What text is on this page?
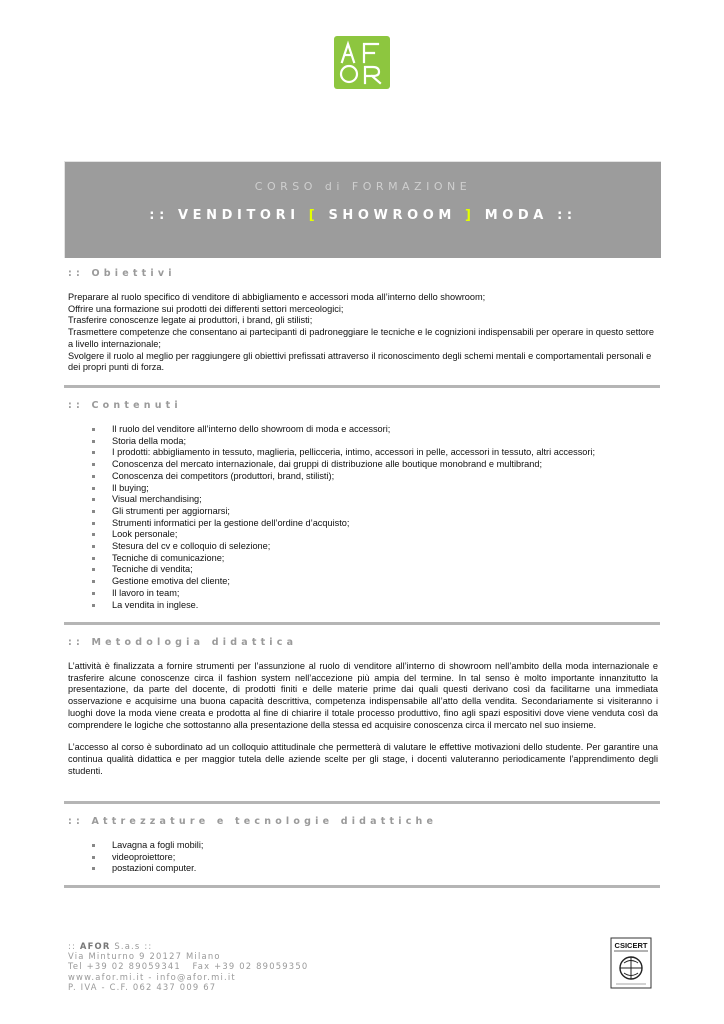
CORSO di FORMAZIONE
:: VENDITORI [ SHOWROOM ] MODA ::
:: Obiettivi

Preparare al ruolo specifico di venditore di abbigliamento e accessori moda all’interno dello showroom;
Offrire una formazione sui prodotti dei differenti settori merceologici;
Trasferire conoscenze legate ai produttori, i brand, gli stilisti;
Trasmettere competenze che consentano ai partecipanti di padroneggiare le tecniche e le cognizioni indispensabili per operare in questo settore a livello internazionale;
Svolgere il ruolo al meglio per raggiungere gli obiettivi prefissati attraverso il riconoscimento degli schemi mentali e comportamentali personali e dei propri punti di forza.

:: Contenuti
Il ruolo del venditore all’interno dello showroom di moda e accessori;
Storia della moda;
I prodotti: abbigliamento in tessuto, maglieria, pellicceria, intimo, accessori in pelle, accessori in tessuto, altri accessori;
Conoscenza del mercato internazionale, dai gruppi di distribuzione alle boutique monobrand e multibrand;
Conoscenza dei competitors (produttori, brand, stilisti);
Il buying;
Visual merchandising;
Gli strumenti per aggiornarsi;
Strumenti informatici per la gestione dell’ordine d’acquisto;
Look personale;
Stesura del cv e colloquio di selezione;
Tecniche di comunicazione;
Tecniche di vendita;
Gestione emotiva del cliente;
Il lavoro in team;
La vendita in inglese.
:: Metodologia didattica

L’attività è finalizzata a fornire strumenti per l’assunzione al ruolo di venditore all’interno di showroom nell’ambito della moda internazionale e trasferire alcune conoscenze circa il fashion system nell’accezione più ampia del termine. In tal senso è molto importante innanzitutto la presentazione, da parte del docente, di prodotti finiti e delle materie prime dai quali questi derivano così da facilitarne una immediata osservazione e acquisirne una buona capacità descrittiva, competenza indispensabile all’atto della vendita. Secondariamente si visiteranno i luoghi dove la moda viene creata e prodotta al fine di chiarire il totale processo produttivo, fino agli spazi espositivi dove viene venduta così da comprendere le logiche che sottostanno alla presentazione della stessa ed acquisire conoscenza circa il mercato nel suo insieme.

L’accesso al corso è subordinato ad un colloquio attitudinale che permetterà di valutare le effettive motivazioni dello studente. Per garantire una continua qualità didattica e per maggior tutela delle aziende scelte per gli stage, i docenti valuteranno periodicamente l’apprendimento degli studenti.

:: Attrezzature e tecnologie didattiche
Lavagna a fogli mobili;
videoproiettore;
postazioni computer.
:: AFOR S.a.s ::
Via Minturno 9 20127 Milano
Tel +39 02 89059341   Fax +39 02 89059350
www.afor.mi.it - info@afor.mi.it
P. IVA - C.F. 062 437 009 67
CSICERT
